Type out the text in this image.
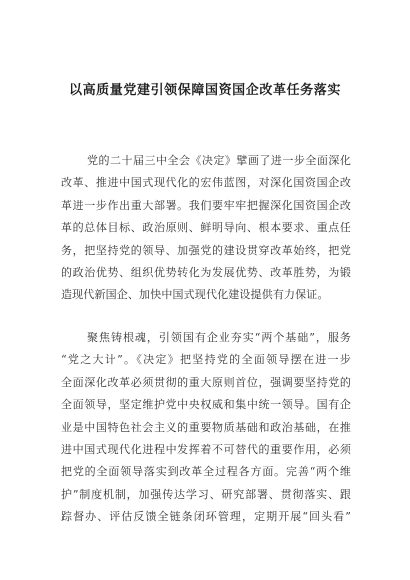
以高质量党建引领保障国资国企改革任务落实
党的二十届三中全会《决定》擘画了进一步全面深化
改革、推进中国式现代化的宏伟蓝图，对深化国资国企改
革进一步作出重大部署。我们要牢牢把握深化国资国企改
革的总体目标、政治原则、鲜明导向、根本要求、重点任
务，把坚持党的领导、加强党的建设贯穿改革始终，把党
的政治优势、组织优势转化为发展优势、改革胜势，为锻
造现代新国企、加快中国式现代化建设提供有力保证。
聚焦铸根魂，引领国有企业夯实“两个基础”，服务
“党之大计”。《决定》把坚持党的全面领导摆在进一步
全面深化改革必须贯彻的重大原则首位，强调要坚持党的
全面领导，坚定维护党中央权威和集中统一领导。国有企
业是中国特色社会主义的重要物质基础和政治基础，在推
进中国式现代化进程中发挥着不可替代的重要作用，必须
把党的全面领导落实到改革全过程各方面。完善“两个维
护”制度机制，加强传达学习、研究部署、贯彻落实、跟
踪督办、评估反馈全链条闭环管理，定期开展“回头看”
